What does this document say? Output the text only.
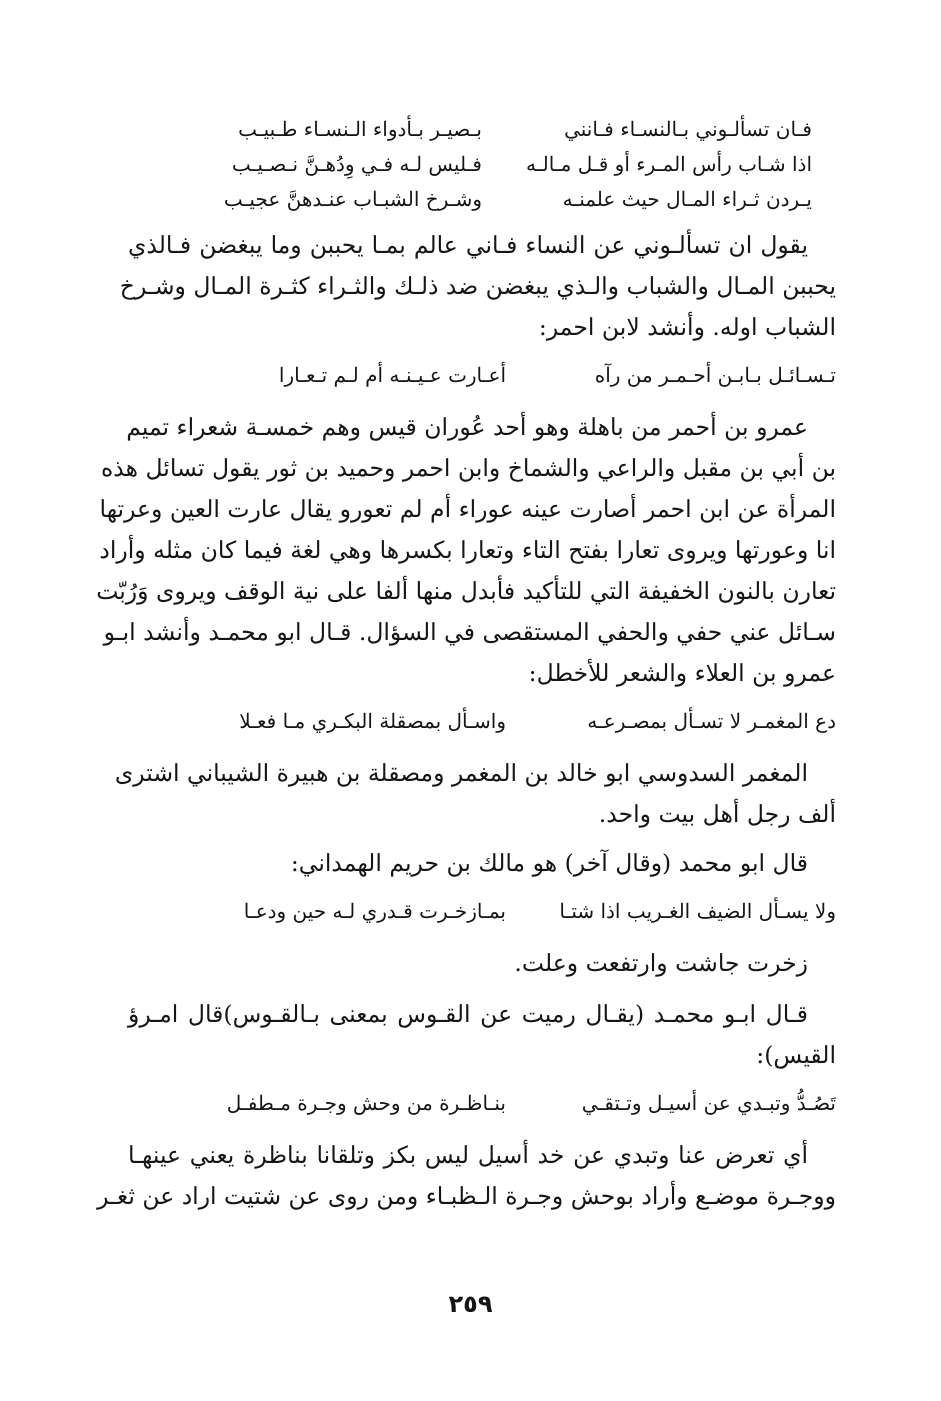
فـان تسألـوني بـالنسـاء فـانني
بـصيـر بـأدواء الـنسـاء طـبيـب
اذا شـاب رأس المـرء أو قـل مـالـه
فـليس لـه فـي وِدُهـنَّ نـصـيـب
يـردن ثـراء المـال حيث علمنـه
وشـرخ الشبـاب عنـدهنَّ عجيـب
يقول ان تسألـوني عن النساء فـاني عالم بمـا يحببن وما يبغضن فـالذي
يحببن المـال والشباب والـذي يبغضن ضد ذلـك والثـراء كثـرة المـال وشـرخ
الشباب اوله. وأنشد لابن احمر:
تـسـائـل بـابـن أحـمـر من رآه
أعـارت عـيـنـه أم لـم تـعـارا
عمرو بن أحمر من باهلة وهو أحد عُوران قيس وهم خمسـة شعراء تميم
بن أبي بن مقبل والراعي والشماخ وابن احمر وحميد بن ثور يقول تسائل هذه
المرأة عن ابن احمر أصارت عينه عوراء أم لم تعورو يقال عارت العين وعرتها
انا وعورتها ويروى تعارا بفتح التاء وتعارا بكسرها وهي لغة فيما كان مثله وأراد
تعارن بالنون الخفيفة التي للتأكيد فأبدل منها ألفا على نية الوقف ويروى وَرُبّت
سـائل عني حفي والحفي المستقصى في السؤال. قـال ابو محمـد وأنشد ابـو
عمرو بن العلاء والشعر للأخطل:
دع المغمـر لا تسـأل بمصـرعـه
واسـأل بمصقلة البكـري مـا فعـلا
المغمر السدوسي ابو خالد بن المغمر ومصقلة بن هبيرة الشيباني اشترى
ألف رجل أهل بيت واحد.
قال ابو محمد (وقال آخر) هو مالك بن حريم الهمداني:
ولا يسـأل الضيف الغـريب اذا شتـا
بمـازخـرت قـدري لـه حين ودعـا
زخرت جاشت وارتفعت وعلت.
قـال ابـو محمـد (يقـال رميت عن القـوس بمعنى بـالقـوس)قال امـرؤ
القيس):
تَصُـدُّ وتبـدي عن أسيـل وتـتقـي
بنـاظـرة من وحش وجـرة مـطفـل
أي تعرض عنا وتبدي عن خد أسيل ليس بكز وتلقانا بناظرة يعني عينهـا
ووجـرة موضـع وأراد بوحش وجـرة الـظبـاء ومن روى عن شتيت اراد عن ثغـر
٢٥٩
